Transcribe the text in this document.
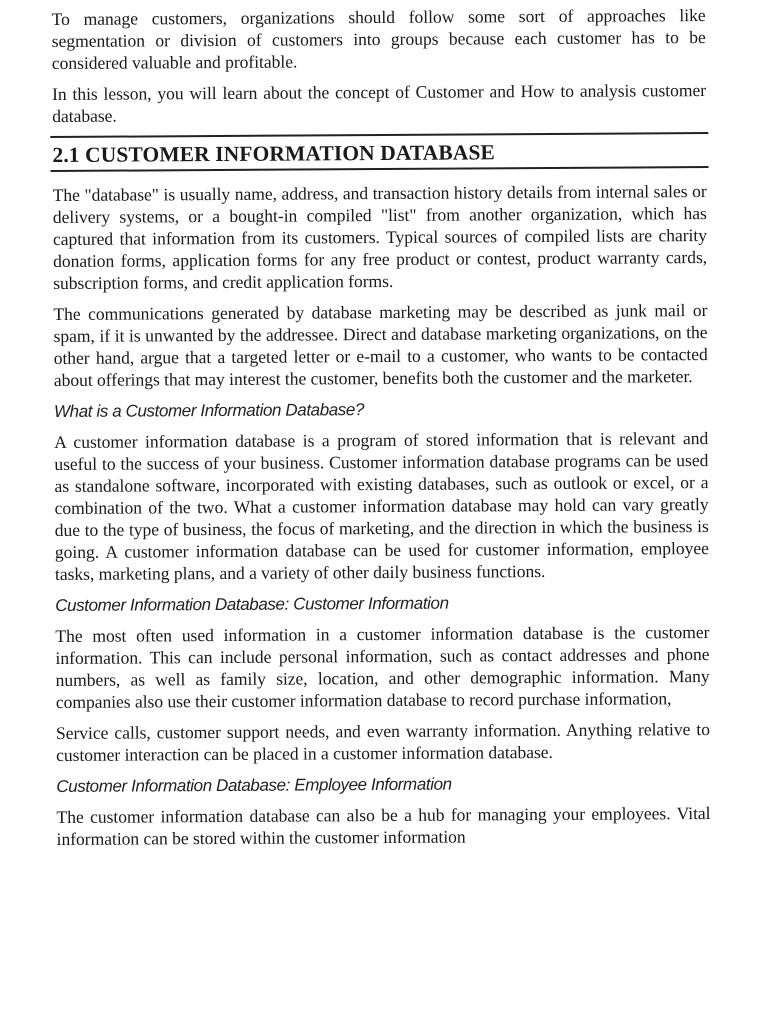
To manage customers, organizations should follow some sort of approaches like segmentation or division of customers into groups because each customer has to be considered valuable and profitable.

In this lesson, you will learn about the concept of Customer and How to analysis customer database.

2.1 CUSTOMER INFORMATION DATABASE

The "database" is usually name, address, and transaction history details from internal sales or delivery systems, or a bought-in compiled "list" from another organization, which has captured that information from its customers. Typical sources of compiled lists are charity donation forms, application forms for any free product or contest, product warranty cards, subscription forms, and credit application forms.

The communications generated by database marketing may be described as junk mail or spam, if it is unwanted by the addressee. Direct and database marketing organizations, on the other hand, argue that a targeted letter or e-mail to a customer, who wants to be contacted about offerings that may interest the customer, benefits both the customer and the marketer.

What is a Customer Information Database?

A customer information database is a program of stored information that is relevant and useful to the success of your business. Customer information database programs can be used as standalone software, incorporated with existing databases, such as outlook or excel, or a combination of the two. What a customer information database may hold can vary greatly due to the type of business, the focus of marketing, and the direction in which the business is going. A customer information database can be used for customer information, employee tasks, marketing plans, and a variety of other daily business functions.

Customer Information Database: Customer Information

The most often used information in a customer information database is the customer information. This can include personal information, such as contact addresses and phone numbers, as well as family size, location, and other demographic information. Many companies also use their customer information database to record purchase information,

Service calls, customer support needs, and even warranty information. Anything relative to customer interaction can be placed in a customer information database.

Customer Information Database: Employee Information

The customer information database can also be a hub for managing your employees. Vital information can be stored within the customer information
